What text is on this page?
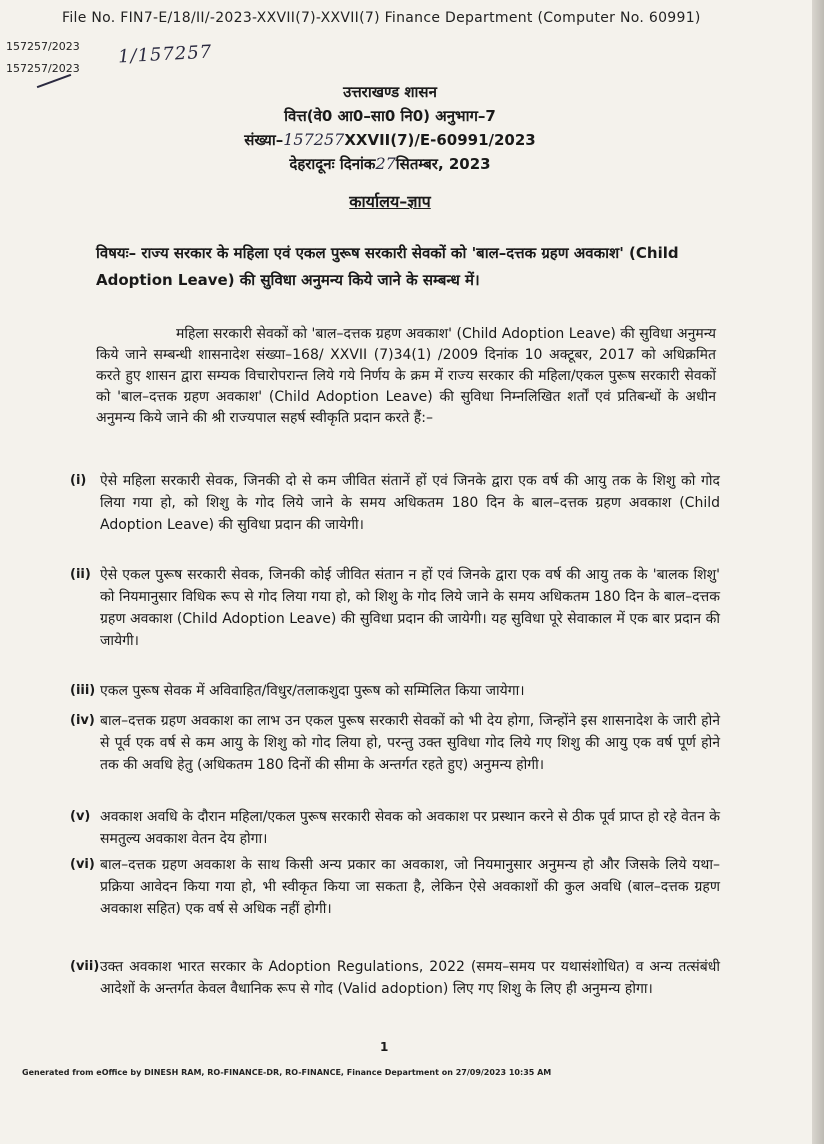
File No. FIN7-E/18/II/-2023-XXVII(7)-XXVII(7) Finance Department (Computer No. 60991)
157257/2023
157257/2023
1/157257
उत्तराखण्ड शासन
वित्त(वे0 आ0–सा0 नि0) अनुभाग–7
संख्या–157257XXVII(7)/E-60991/2023
देहरादूनः दिनांक27सितम्बर, 2023
कार्यालय–ज्ञाप
विषयः– राज्य सरकार के महिला एवं एकल पुरूष सरकारी सेवकों को 'बाल–दत्तक ग्रहण अवकाश' (Child Adoption Leave) की सुविधा अनुमन्य किये जाने के सम्बन्ध में।
महिला सरकारी सेवकों को 'बाल–दत्तक ग्रहण अवकाश' (Child Adoption Leave) की सुविधा अनुमन्य किये जाने सम्बन्धी शासनादेश संख्या–168/ XXVII (7)34(1) /2009 दिनांक 10 अक्टूबर, 2017 को अधिक्रमित करते हुए शासन द्वारा सम्यक विचारोपरान्त लिये गये निर्णय के क्रम में राज्य सरकार की महिला/एकल पुरूष सरकारी सेवकों को 'बाल–दत्तक ग्रहण अवकाश' (Child Adoption Leave) की सुविधा निम्नलिखित शर्तों एवं प्रतिबन्धों के अधीन अनुमन्य किये जाने की श्री राज्यपाल सहर्ष स्वीकृति प्रदान करते हैं:–
(i) ऐसे महिला सरकारी सेवक, जिनकी दो से कम जीवित संतानें हों एवं जिनके द्वारा एक वर्ष की आयु तक के शिशु को गोद लिया गया हो, को शिशु के गोद लिये जाने के समय अधिकतम 180 दिन के बाल–दत्तक ग्रहण अवकाश (Child Adoption Leave) की सुविधा प्रदान की जायेगी।
(ii) ऐसे एकल पुरूष सरकारी सेवक, जिनकी कोई जीवित संतान न हों एवं जिनके द्वारा एक वर्ष की आयु तक के 'बालक शिशु' को नियमानुसार विधिक रूप से गोद लिया गया हो, को शिशु के गोद लिये जाने के समय अधिकतम 180 दिन के बाल–दत्तक ग्रहण अवकाश (Child Adoption Leave) की सुविधा प्रदान की जायेगी। यह सुविधा पूरे सेवाकाल में एक बार प्रदान की जायेगी।
(iii) एकल पुरूष सेवक में अविवाहित/विधुर/तलाकशुदा पुरूष को सम्मिलित किया जायेगा।
(iv) बाल–दत्तक ग्रहण अवकाश का लाभ उन एकल पुरूष सरकारी सेवकों को भी देय होगा, जिन्होंने इस शासनादेश के जारी होने से पूर्व एक वर्ष से कम आयु के शिशु को गोद लिया हो, परन्तु उक्त सुविधा गोद लिये गए शिशु की आयु एक वर्ष पूर्ण होने तक की अवधि हेतु (अधिकतम 180 दिनों की सीमा के अन्तर्गत रहते हुए) अनुमन्य होगी।
(v) अवकाश अवधि के दौरान महिला/एकल पुरूष सरकारी सेवक को अवकाश पर प्रस्थान करने से ठीक पूर्व प्राप्त हो रहे वेतन के समतुल्य अवकाश वेतन देय होगा।
(vi) बाल–दत्तक ग्रहण अवकाश के साथ किसी अन्य प्रकार का अवकाश, जो नियमानुसार अनुमन्य हो और जिसके लिये यथा–प्रक्रिया आवेदन किया गया हो, भी स्वीकृत किया जा सकता है, लेकिन ऐसे अवकाशों की कुल अवधि (बाल–दत्तक ग्रहण अवकाश सहित) एक वर्ष से अधिक नहीं होगी।
(vii) उक्त अवकाश भारत सरकार के Adoption Regulations, 2022 (समय–समय पर यथासंशोधित) व अन्य तत्संबंधी आदेशों के अन्तर्गत केवल वैधानिक रूप से गोद (Valid adoption) लिए गए शिशु के लिए ही अनुमन्य होगा।
1
Generated from eOffice by DINESH RAM, RO-FINANCE-DR, RO-FINANCE, Finance Department on 27/09/2023 10:35 AM
